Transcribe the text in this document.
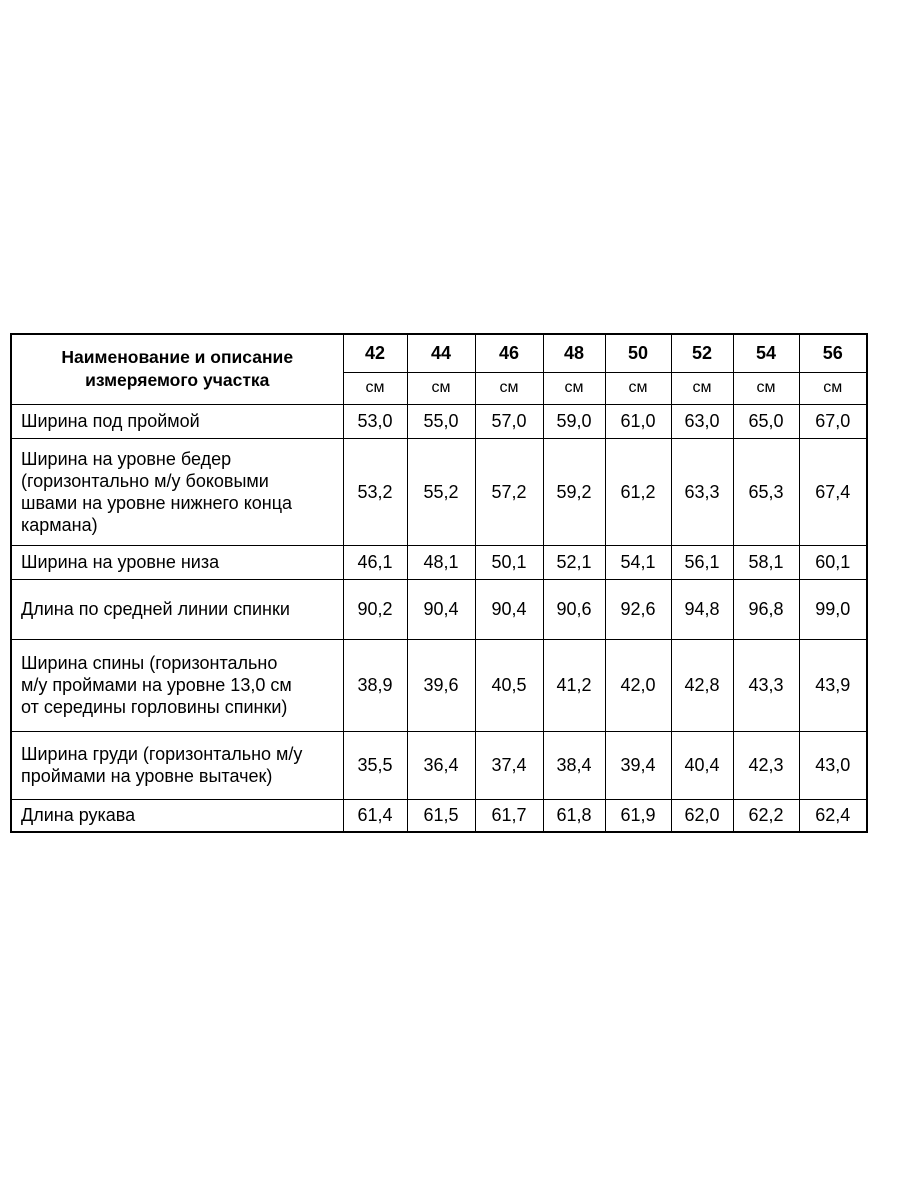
Наименование и описание
измеряемого участка	42	44	46	48	50	52	54	56
	см	см	см	см	см	см	см	см

Ширина под проймой	53,0	55,0	57,0	59,0	61,0	63,0	65,0	67,0

Ширина на уровне бедер
(горизонтально м/у боковыми
швами на уровне нижнего конца
кармана)	53,2	55,2	57,2	59,2	61,2	63,3	65,3	67,4

Ширина на уровне низа	46,1	48,1	50,1	52,1	54,1	56,1	58,1	60,1

Длина по средней линии спинки	90,2	90,4	90,4	90,6	92,6	94,8	96,8	99,0

Ширина спины (горизонтально
м/у проймами на уровне 13,0 см
от середины горловины спинки)	38,9	39,6	40,5	41,2	42,0	42,8	43,3	43,9

Ширина груди (горизонтально м/у
проймами на уровне вытачек)	35,5	36,4	37,4	38,4	39,4	40,4	42,3	43,0

Длина рукава	61,4	61,5	61,7	61,8	61,9	62,0	62,2	62,4
